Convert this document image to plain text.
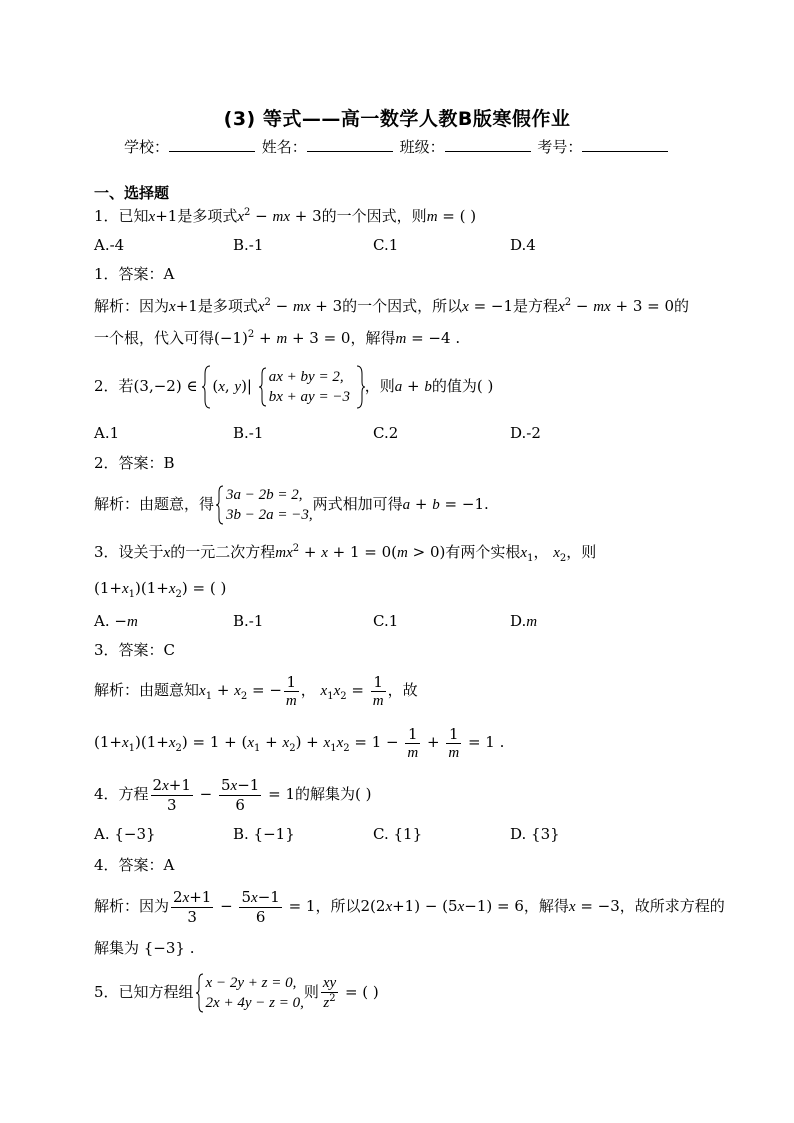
(3) 等式——高一数学人教B版寒假作业
学校：	姓名：	班级：	考号：
一、选择题
1．已知x+1是多项式$x^2$ − mx + 3的一个因式，则m = ( )
A.-4	B.-1	C.1	D.4
1．答案：A
解析：因为x+1是多项式$x^2$ − mx + 3的一个因式，所以x = −1是方程$x^2$ − mx + 3 = 0的
一个根，代入可得$(-1)^2 + m + 3 = 0$，解得m = −4 .
2．若(3,−2) ∈ (x, y)| ax + by = 2,
bx + ay = −3
，则a + b的值为( )
A.1	B.-1	C.2	D.-2
2．答案：B
解析：由题意，得 3a − 2b = 2,
3b − 2a = −3,
两式相加可得a + b = −1.
3．设关于x的一元二次方程$mx^2 + x + 1 = 0(m > 0)$有两个实根$x_1$， $x_2$，则
$(1+x_1)(1+x_2)$ = ( )
A. −m	B.-1	C.1	D.m
3．答案：C
解析：由题意知$x_1 + x_2$ = − $\frac{1}{m}$ ， $x_1x_2 = \frac{1}{m}$ ，故
$(1+x_1)(1+x_2) = 1 + (x_1 + x_2) + x_1x_2 = 1 - \frac{1}{m} + \frac{1}{m} = 1$ .
4．方程 $\frac{2x+1}{3} - \frac{5x-1}{6} = 1$的解集为( )
A. {−3}	B. {−1}	C. {1}	D. {3}
4．答案：A
解析：因为 $\frac{2x+1}{3} - \frac{5x-1}{6} = 1$，所以2(2x+1) − (5x−1) = 6，解得x = −3，故所求方程的
解集为 {−3} .
5．已知方程组 x − 2y + z = 0,
2x + 4y − z = 0,
则 $\frac{xy}{z^2}$ = ( )
